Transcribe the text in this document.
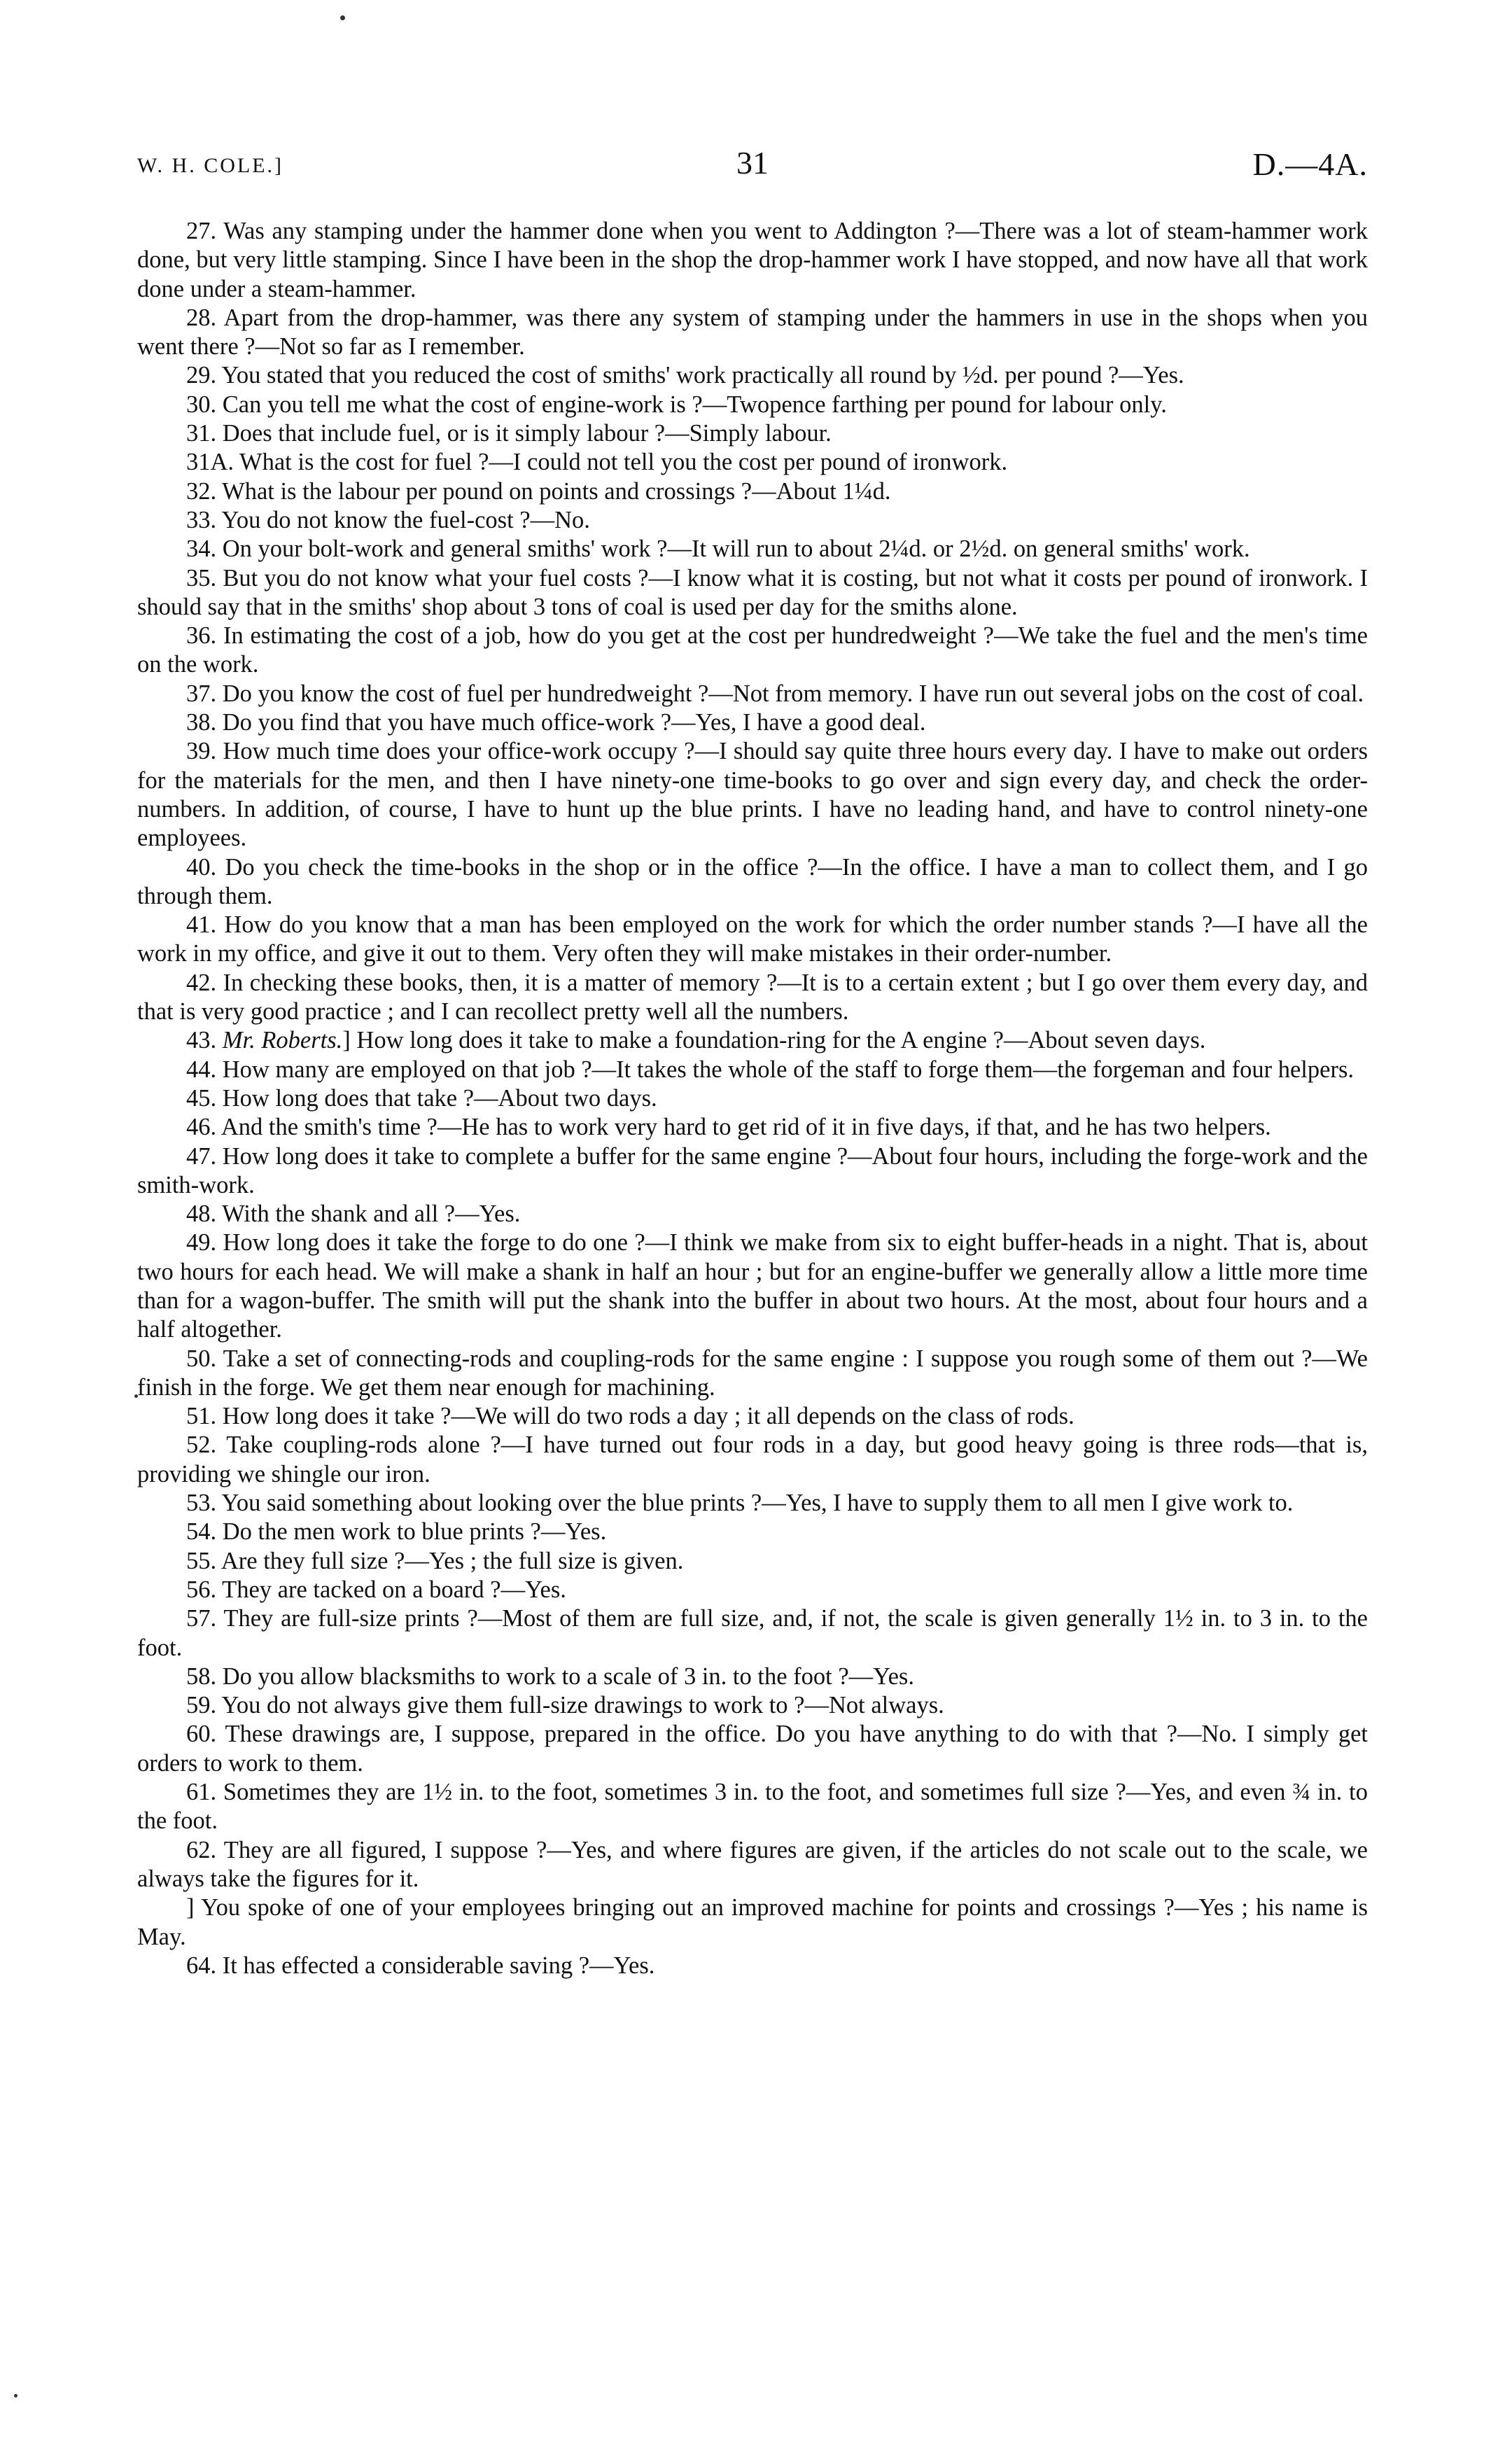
W. H. COLE.]	31	D.—4A.

27. Was any stamping under the hammer done when you went to Addington ?—There was a lot of steam-hammer work done, but very little stamping. Since I have been in the shop the drop-hammer work I have stopped, and now have all that work done under a steam-hammer.

28. Apart from the drop-hammer, was there any system of stamping under the hammers in use in the shops when you went there ?—Not so far as I remember.

29. You stated that you reduced the cost of smiths' work practically all round by ½d. per pound ?—Yes.

30. Can you tell me what the cost of engine-work is ?—Twopence farthing per pound for labour only.

31. Does that include fuel, or is it simply labour ?—Simply labour.

31A. What is the cost for fuel ?—I could not tell you the cost per pound of ironwork.

32. What is the labour per pound on points and crossings ?—About 1¼d.

33. You do not know the fuel-cost ?—No.

34. On your bolt-work and general smiths' work ?—It will run to about 2¼d. or 2½d. on general smiths' work.

35. But you do not know what your fuel costs ?—I know what it is costing, but not what it costs per pound of ironwork. I should say that in the smiths' shop about 3 tons of coal is used per day for the smiths alone.

36. In estimating the cost of a job, how do you get at the cost per hundredweight ?—We take the fuel and the men's time on the work.

37. Do you know the cost of fuel per hundredweight ?—Not from memory. I have run out several jobs on the cost of coal.

38. Do you find that you have much office-work ?—Yes, I have a good deal.

39. How much time does your office-work occupy ?—I should say quite three hours every day. I have to make out orders for the materials for the men, and then I have ninety-one time-books to go over and sign every day, and check the order-numbers. In addition, of course, I have to hunt up the blue prints. I have no leading hand, and have to control ninety-one employees.

40. Do you check the time-books in the shop or in the office ?—In the office. I have a man to collect them, and I go through them.

41. How do you know that a man has been employed on the work for which the order number stands ?—I have all the work in my office, and give it out to them. Very often they will make mistakes in their order-number.

42. In checking these books, then, it is a matter of memory ?—It is to a certain extent ; but I go over them every day, and that is very good practice ; and I can recollect pretty well all the numbers.

43. Mr. Roberts.] How long does it take to make a foundation-ring for the A engine ?—About seven days.

44. How many are employed on that job ?—It takes the whole of the staff to forge them—the forgeman and four helpers.

45. How long does that take ?—About two days.

46. And the smith's time ?—He has to work very hard to get rid of it in five days, if that, and he has two helpers.

47. How long does it take to complete a buffer for the same engine ?—About four hours, including the forge-work and the smith-work.

48. With the shank and all ?—Yes.

49. How long does it take the forge to do one ?—I think we make from six to eight buffer-heads in a night. That is, about two hours for each head. We will make a shank in half an hour ; but for an engine-buffer we generally allow a little more time than for a wagon-buffer. The smith will put the shank into the buffer in about two hours. At the most, about four hours and a half altogether.

50. Take a set of connecting-rods and coupling-rods for the same engine : I suppose you rough some of them out ?—We finish in the forge. We get them near enough for machining.

51. How long does it take ?—We will do two rods a day ; it all depends on the class of rods.

52. Take coupling-rods alone ?—I have turned out four rods in a day, but good heavy going is three rods—that is, providing we shingle our iron.

53. You said something about looking over the blue prints ?—Yes, I have to supply them to all men I give work to.

54. Do the men work to blue prints ?—Yes.

55. Are they full size ?—Yes ; the full size is given.

56. They are tacked on a board ?—Yes.

57. They are full-size prints ?—Most of them are full size, and, if not, the scale is given generally 1½ in. to 3 in. to the foot.

58. Do you allow blacksmiths to work to a scale of 3 in. to the foot ?—Yes.

59. You do not always give them full-size drawings to work to ?—Not always.

60. These drawings are, I suppose, prepared in the office. Do you have anything to do with that ?—No. I simply get orders to work to them.

61. Sometimes they are 1½ in. to the foot, sometimes 3 in. to the foot, and sometimes full size ?—Yes, and even ¾ in. to the foot.

62. They are all figured, I suppose ?—Yes, and where figures are given, if the articles do not scale out to the scale, we always take the figures for it.

] You spoke of one of your employees bringing out an improved machine for points and crossings ?—Yes ; his name is May.

64. It has effected a considerable saving ?—Yes.
